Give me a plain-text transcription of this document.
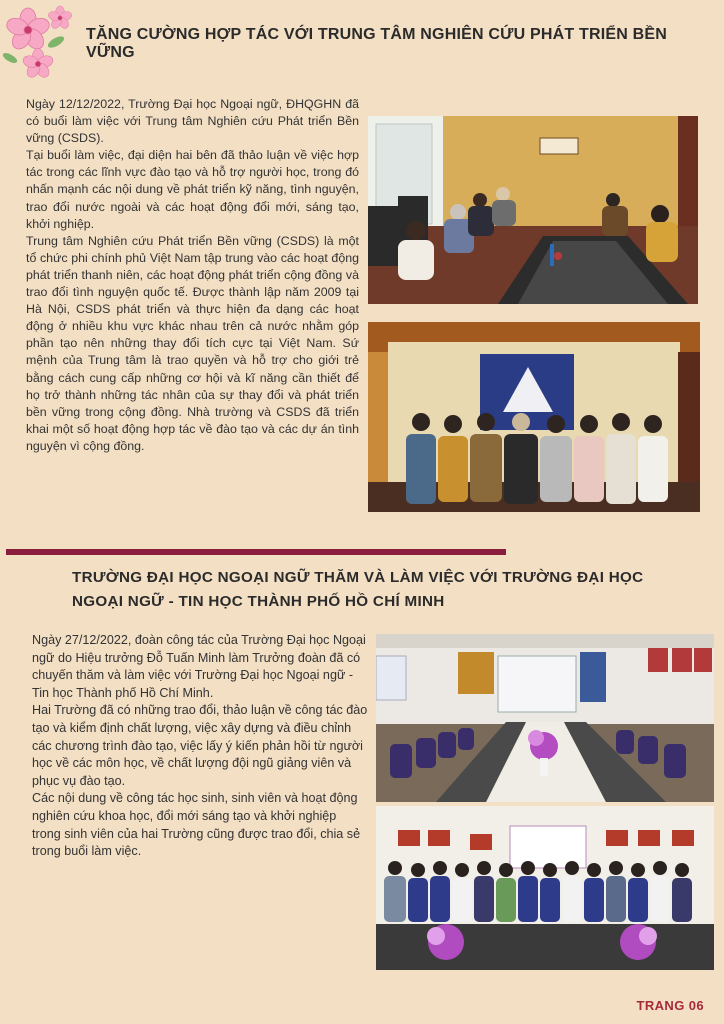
TĂNG CƯỜNG HỢP TÁC VỚI TRUNG TÂM NGHIÊN CỨU PHÁT TRIỂN BỀN VỮNG

Ngày 12/12/2022, Trường Đại học Ngoại ngữ, ĐHQGHN đã có buổi làm việc với Trung tâm Nghiên cứu Phát triển Bền vững (CSDS).

Tại buổi làm việc, đại diện hai bên đã thảo luận về việc hợp tác trong các lĩnh vực đào tạo và hỗ trợ người học, trong đó nhấn mạnh các nội dung về phát triển kỹ năng, tình nguyện, trao đổi nước ngoài và các hoạt động đổi mới, sáng tạo, khởi nghiệp.

Trung tâm Nghiên cứu Phát triển Bền vững (CSDS) là một tổ chức phi chính phủ Việt Nam tập trung vào các hoạt động phát triển thanh niên, các hoạt động phát triển cộng đồng và trao đổi tình nguyện quốc tế. Được thành lập năm 2009 tại Hà Nội, CSDS phát triển và thực hiện đa dạng các hoạt động ở nhiều khu vực khác nhau trên cả nước nhằm góp phần tạo nên những thay đổi tích cực tại Việt Nam. Sứ mệnh của Trung tâm là trao quyền và hỗ trợ cho giới trẻ bằng cách cung cấp những cơ hội và kĩ năng cần thiết để họ trở thành những tác nhân của sự thay đổi và phát triển bền vững trong cộng đồng. Nhà trường và CSDS đã triển khai một số hoạt động hợp tác về đào tạo và các dự án tình nguyện vì cộng đồng.

TRƯỜNG ĐẠI HỌC NGOẠI NGỮ THĂM VÀ LÀM VIỆC VỚI TRƯỜNG ĐẠI HỌC
NGOẠI NGỮ - TIN HỌC THÀNH PHỐ HỒ CHÍ MINH

Ngày 27/12/2022, đoàn công tác của Trường Đại học Ngoại ngữ do Hiệu trưởng Đỗ Tuấn Minh làm Trưởng đoàn đã có chuyến thăm và làm việc với Trường Đại học Ngoại ngữ - Tin học Thành phố Hồ Chí Minh.

Hai Trường đã có những trao đổi, thảo luận về công tác đào tạo và kiểm định chất lượng, việc xây dựng và điều chỉnh các chương trình đào tạo, việc lấy ý kiến phản hồi từ người học về các môn học, về chất lượng đội ngũ giảng viên và phục vụ đào tạo.

Các nội dung về công tác học sinh, sinh viên và hoạt động nghiên cứu khoa học, đổi mới sáng tạo và khởi nghiệp trong sinh viên của hai Trường cũng được trao đổi, chia sẻ trong buổi làm việc.

TRANG 06
